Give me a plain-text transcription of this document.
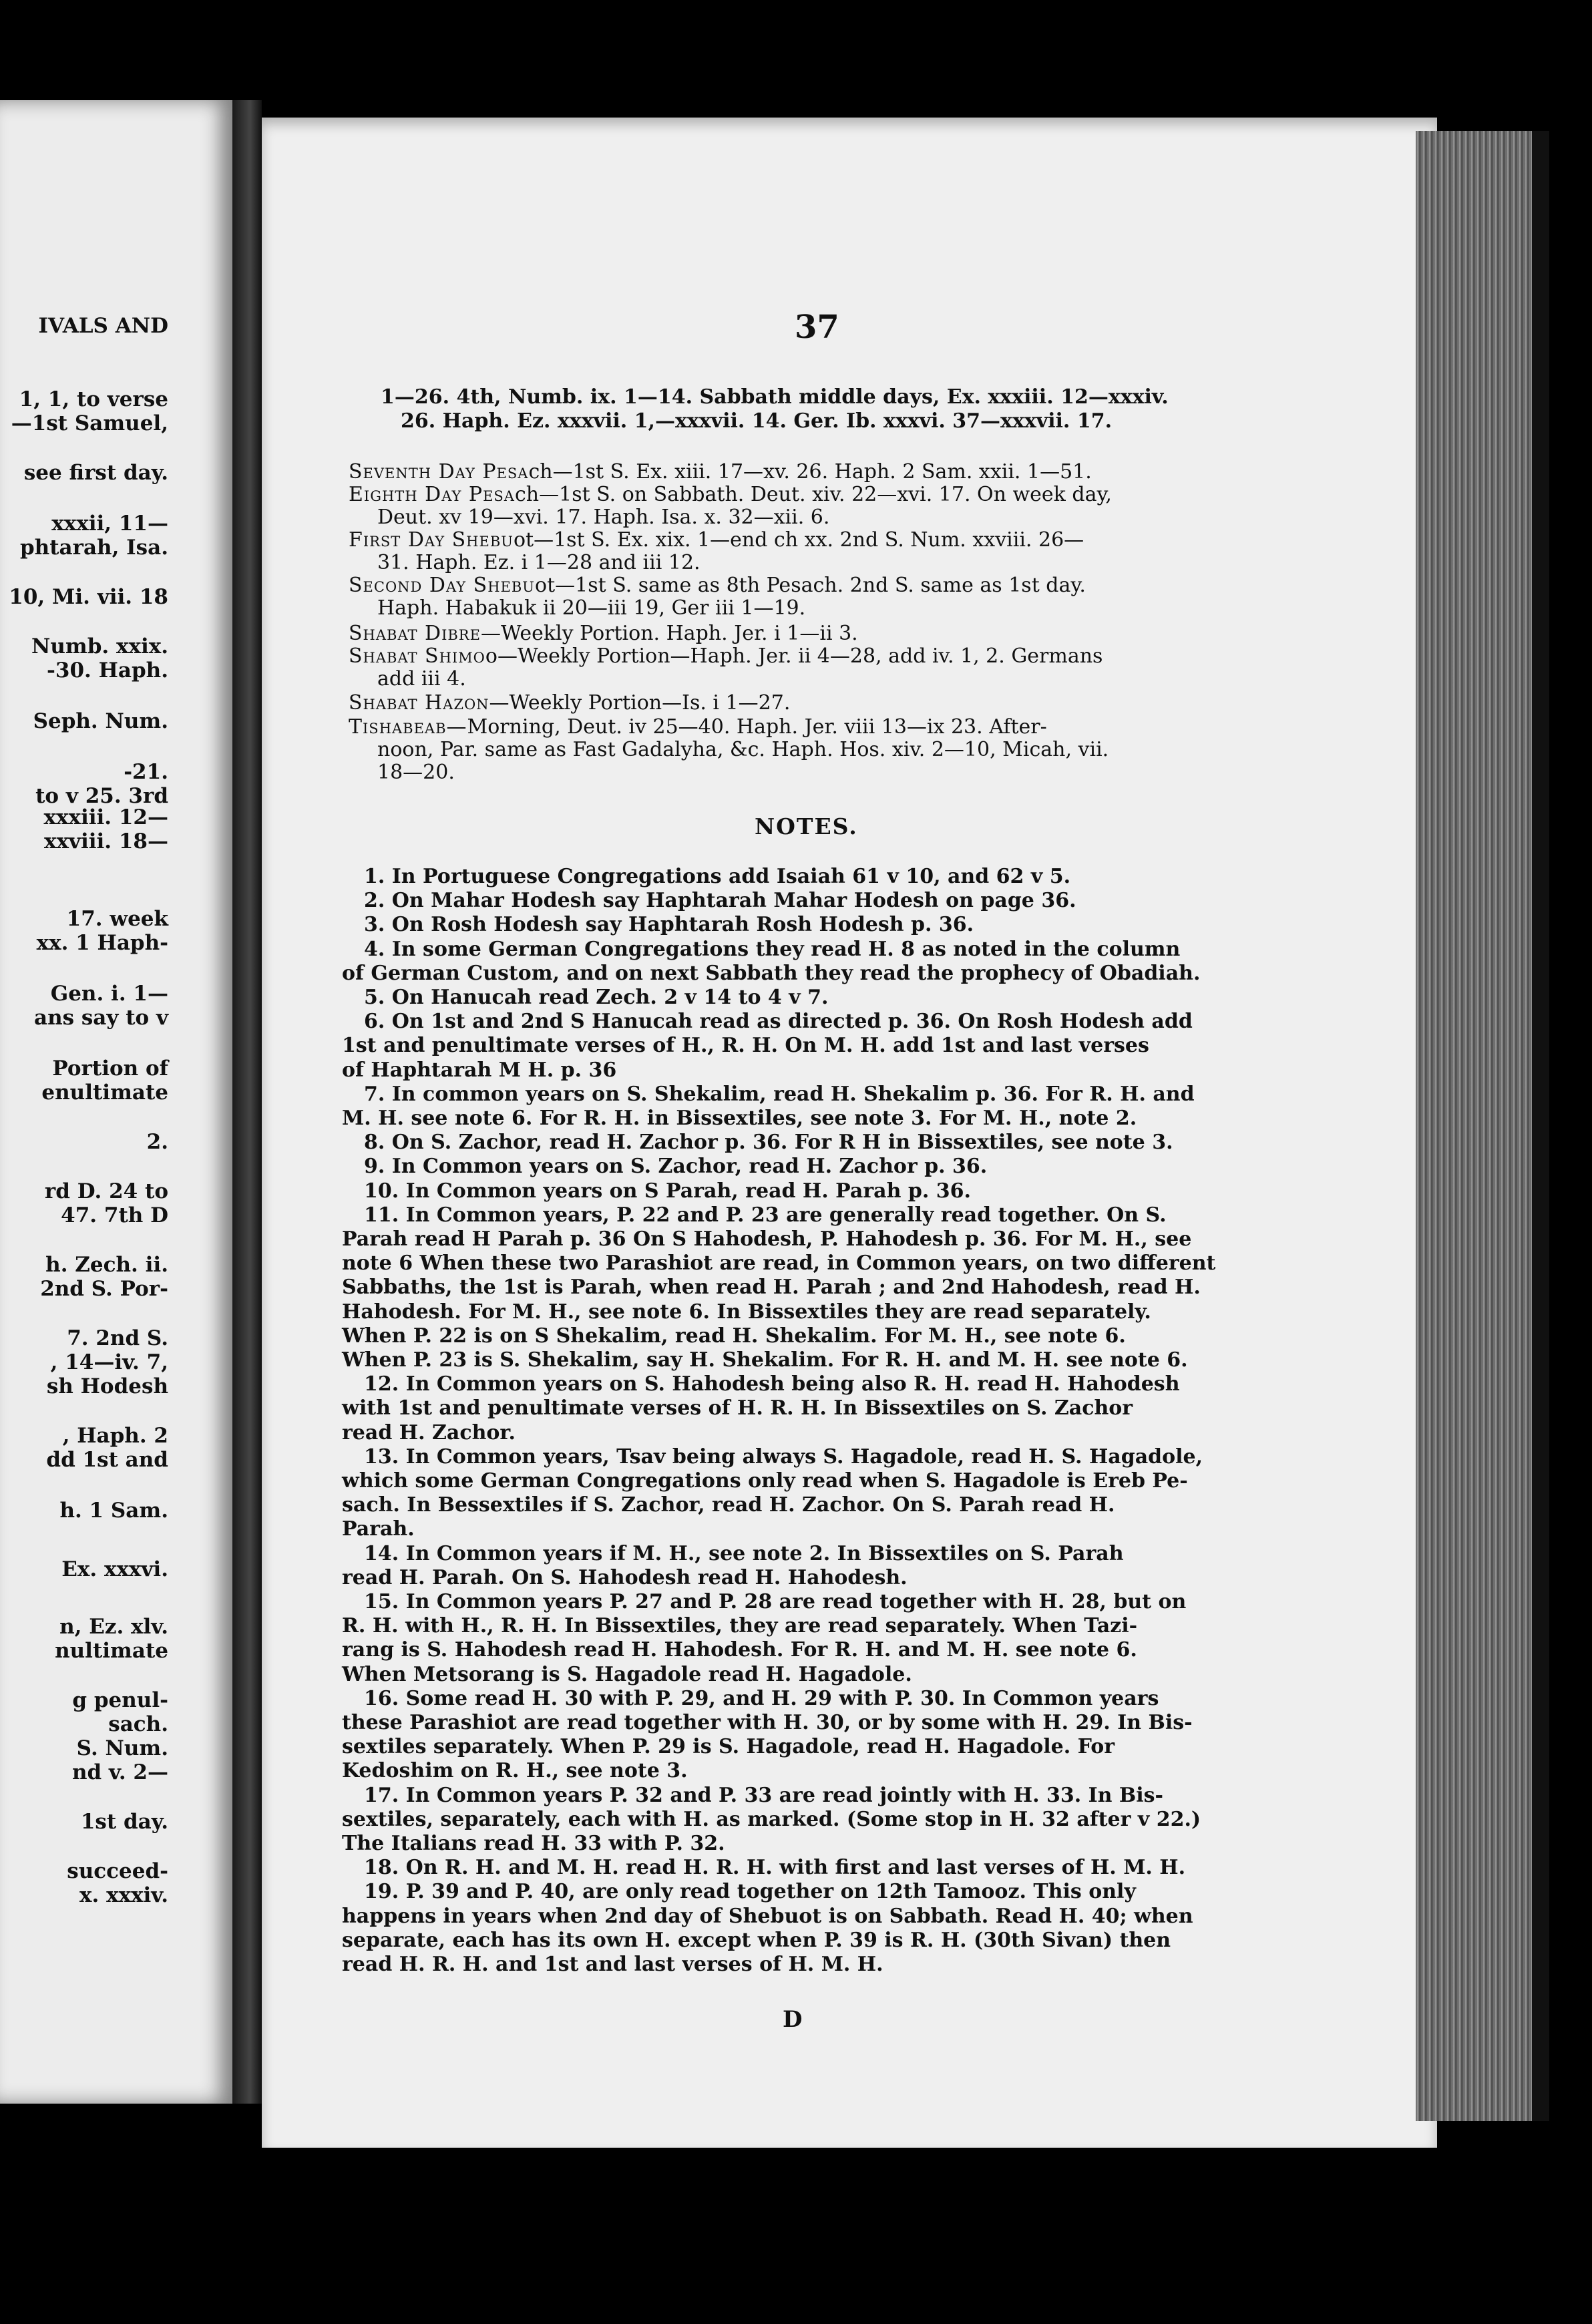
IVALS AND
1, 1, to verse
—1st Samuel,
see first day.
xxxii, 11—
phtarah, Isa.
10, Mi. vii. 18
Numb. xxix.
-30. Haph.
Seph. Num.
-21.
to v 25. 3rd
xxxiii. 12—
xxviii. 18—
17. week
xx. 1 Haph-
Gen. i. 1—
ans say to v
Portion of
enultimate
2.
rd D. 24 to
47. 7th D
h. Zech. ii.
2nd S. Por-
7. 2nd S.
, 14—iv. 7,
sh Hodesh
, Haph. 2
dd 1st and
h. 1 Sam.
Ex. xxxvi.
n, Ez. xlv.
nultimate
g penul-
sach.
S. Num.
nd v. 2—
1st day.
succeed-
x. xxxiv.
37
1—26. 4th, Numb. ix. 1—14. Sabbath middle days, Ex. xxxiii. 12—xxxiv.
26. Haph. Ez. xxxvii. 1,—xxxvii. 14. Ger. Ib. xxxvi. 37—xxxvii. 17.
Seventh Day Pesach—1st S. Ex. xiii. 17—xv. 26. Haph. 2 Sam. xxii. 1—51.
Eighth Day Pesach—1st S. on Sabbath. Deut. xiv. 22—xvi. 17. On week day,
Deut. xv 19—xvi. 17. Haph. Isa. x. 32—xii. 6.
First Day Shebuot—1st S. Ex. xix. 1—end ch xx. 2nd S. Num. xxviii. 26—
31. Haph. Ez. i 1—28 and iii 12.
Second Day Shebuot—1st S. same as 8th Pesach. 2nd S. same as 1st day.
Haph. Habakuk ii 20—iii 19, Ger iii 1—19.
Shabat Dibre—Weekly Portion. Haph. Jer. i 1—ii 3.
Shabat Shimoo—Weekly Portion—Haph. Jer. ii 4—28, add iv. 1, 2. Germans
add iii 4.
Shabat Hazon—Weekly Portion—Is. i 1—27.
Tishabeab—Morning, Deut. iv 25—40. Haph. Jer. viii 13—ix 23. After-
noon, Par. same as Fast Gadalyha, &c. Haph. Hos. xiv. 2—10, Micah, vii.
18—20.
NOTES.
1. In Portuguese Congregations add Isaiah 61 v 10, and 62 v 5.
2. On Mahar Hodesh say Haphtarah Mahar Hodesh on page 36.
3. On Rosh Hodesh say Haphtarah Rosh Hodesh p. 36.
4. In some German Congregations they read H. 8 as noted in the column
of German Custom, and on next Sabbath they read the prophecy of Obadiah.
5. On Hanucah read Zech. 2 v 14 to 4 v 7.
6. On 1st and 2nd S Hanucah read as directed p. 36. On Rosh Hodesh add
1st and penultimate verses of H., R. H. On M. H. add 1st and last verses
of Haphtarah M H. p. 36
7. In common years on S. Shekalim, read H. Shekalim p. 36. For R. H. and
M. H. see note 6. For R. H. in Bissextiles, see note 3. For M. H., note 2.
8. On S. Zachor, read H. Zachor p. 36. For R H in Bissextiles, see note 3.
9. In Common years on S. Zachor, read H. Zachor p. 36.
10. In Common years on S Parah, read H. Parah p. 36.
11. In Common years, P. 22 and P. 23 are generally read together. On S.
Parah read H Parah p. 36 On S Hahodesh, P. Hahodesh p. 36. For M. H., see
note 6 When these two Parashiot are read, in Common years, on two different
Sabbaths, the 1st is Parah, when read H. Parah ; and 2nd Hahodesh, read H.
Hahodesh. For M. H., see note 6. In Bissextiles they are read separately.
When P. 22 is on S Shekalim, read H. Shekalim. For M. H., see note 6.
When P. 23 is S. Shekalim, say H. Shekalim. For R. H. and M. H. see note 6.
12. In Common years on S. Hahodesh being also R. H. read H. Hahodesh
with 1st and penultimate verses of H. R. H. In Bissextiles on S. Zachor
read H. Zachor.
13. In Common years, Tsav being always S. Hagadole, read H. S. Hagadole,
which some German Congregations only read when S. Hagadole is Ereb Pe-
sach. In Bessextiles if S. Zachor, read H. Zachor. On S. Parah read H.
Parah.
14. In Common years if M. H., see note 2. In Bissextiles on S. Parah
read H. Parah. On S. Hahodesh read H. Hahodesh.
15. In Common years P. 27 and P. 28 are read together with H. 28, but on
R. H. with H., R. H. In Bissextiles, they are read separately. When Tazi-
rang is S. Hahodesh read H. Hahodesh. For R. H. and M. H. see note 6.
When Metsorang is S. Hagadole read H. Hagadole.
16. Some read H. 30 with P. 29, and H. 29 with P. 30. In Common years
these Parashiot are read together with H. 30, or by some with H. 29. In Bis-
sextiles separately. When P. 29 is S. Hagadole, read H. Hagadole. For
Kedoshim on R. H., see note 3.
17. In Common years P. 32 and P. 33 are read jointly with H. 33. In Bis-
sextiles, separately, each with H. as marked. (Some stop in H. 32 after v 22.)
The Italians read H. 33 with P. 32.
18. On R. H. and M. H. read H. R. H. with first and last verses of H. M. H.
19. P. 39 and P. 40, are only read together on 12th Tamooz. This only
happens in years when 2nd day of Shebuot is on Sabbath. Read H. 40; when
separate, each has its own H. except when P. 39 is R. H. (30th Sivan) then
read H. R. H. and 1st and last verses of H. M. H.
D
